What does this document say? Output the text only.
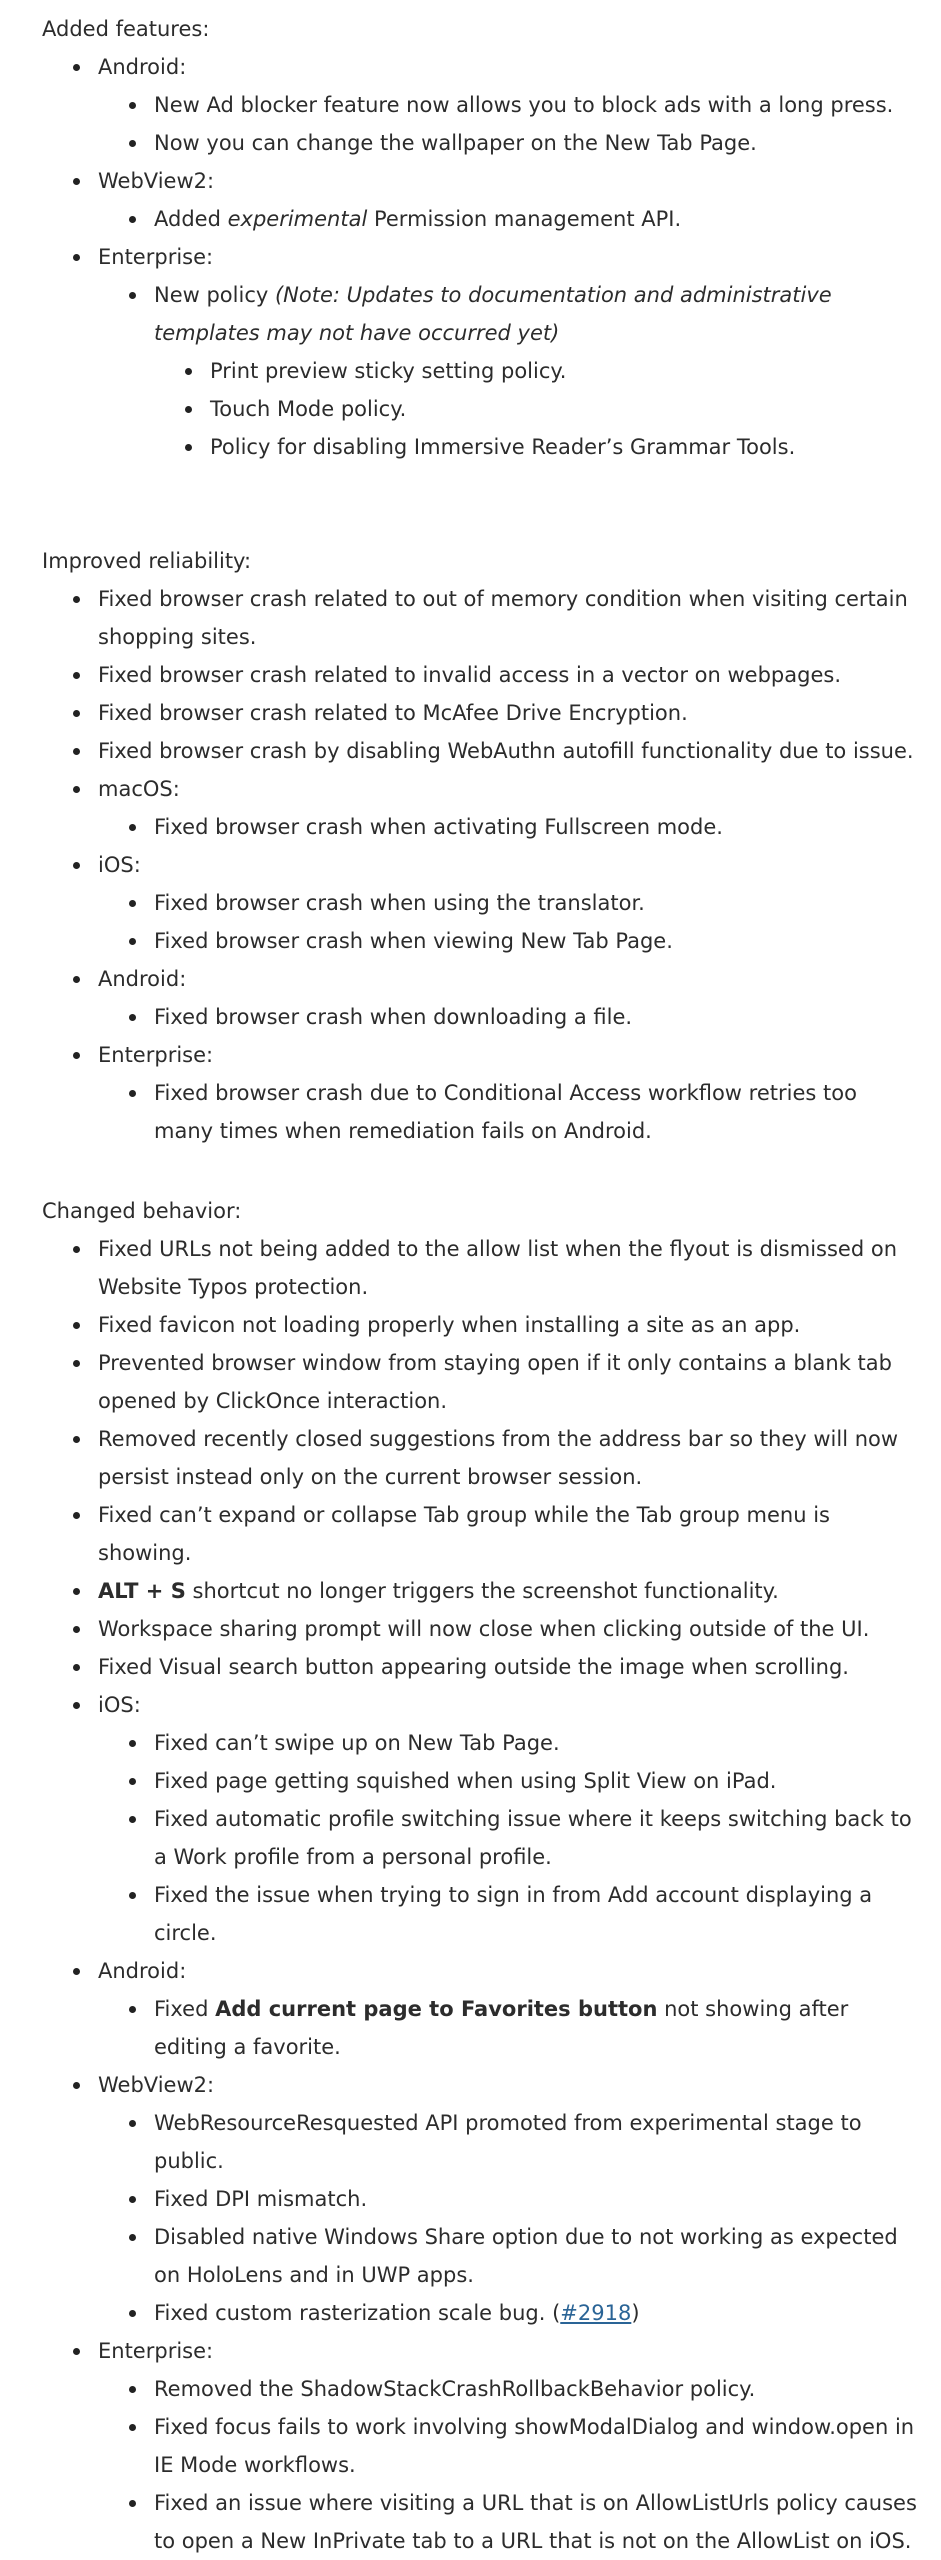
Added features:

Android:
New Ad blocker feature now allows you to block ads with a long press.
Now you can change the wallpaper on the New Tab Page.
WebView2:
Added experimental Permission management API.
Enterprise:
New policy (Note: Updates to documentation and administrative templates may not have occurred yet)
Print preview sticky setting policy.
Touch Mode policy.
Policy for disabling Immersive Reader’s Grammar Tools.

Improved reliability:

Fixed browser crash related to out of memory condition when visiting certain shopping sites.
Fixed browser crash related to invalid access in a vector on webpages.
Fixed browser crash related to McAfee Drive Encryption.
Fixed browser crash by disabling WebAuthn autofill functionality due to issue.
macOS:
Fixed browser crash when activating Fullscreen mode.
iOS:
Fixed browser crash when using the translator.
Fixed browser crash when viewing New Tab Page.
Android:
Fixed browser crash when downloading a file.
Enterprise:
Fixed browser crash due to Conditional Access workflow retries too many times when remediation fails on Android.

Changed behavior:

Fixed URLs not being added to the allow list when the flyout is dismissed on Website Typos protection.
Fixed favicon not loading properly when installing a site as an app.
Prevented browser window from staying open if it only contains a blank tab opened by ClickOnce interaction.
Removed recently closed suggestions from the address bar so they will now persist instead only on the current browser session.
Fixed can’t expand or collapse Tab group while the Tab group menu is showing.
ALT + S shortcut no longer triggers the screenshot functionality.
Workspace sharing prompt will now close when clicking outside of the UI.
Fixed Visual search button appearing outside the image when scrolling.
iOS:
Fixed can’t swipe up on New Tab Page.
Fixed page getting squished when using Split View on iPad.
Fixed automatic profile switching issue where it keeps switching back to a Work profile from a personal profile.
Fixed the issue when trying to sign in from Add account displaying a circle.
Android:
Fixed Add current page to Favorites button not showing after editing a favorite.
WebView2:
WebResourceResquested API promoted from experimental stage to public.
Fixed DPI mismatch.
Disabled native Windows Share option due to not working as expected on HoloLens and in UWP apps.
Fixed custom rasterization scale bug. (#2918)
Enterprise:
Removed the ShadowStackCrashRollbackBehavior policy.
Fixed focus fails to work involving showModalDialog and window.open in IE Mode workflows.
Fixed an issue where visiting a URL that is on AllowListUrls policy causes to open a New InPrivate tab to a URL that is not on the AllowList on iOS.
